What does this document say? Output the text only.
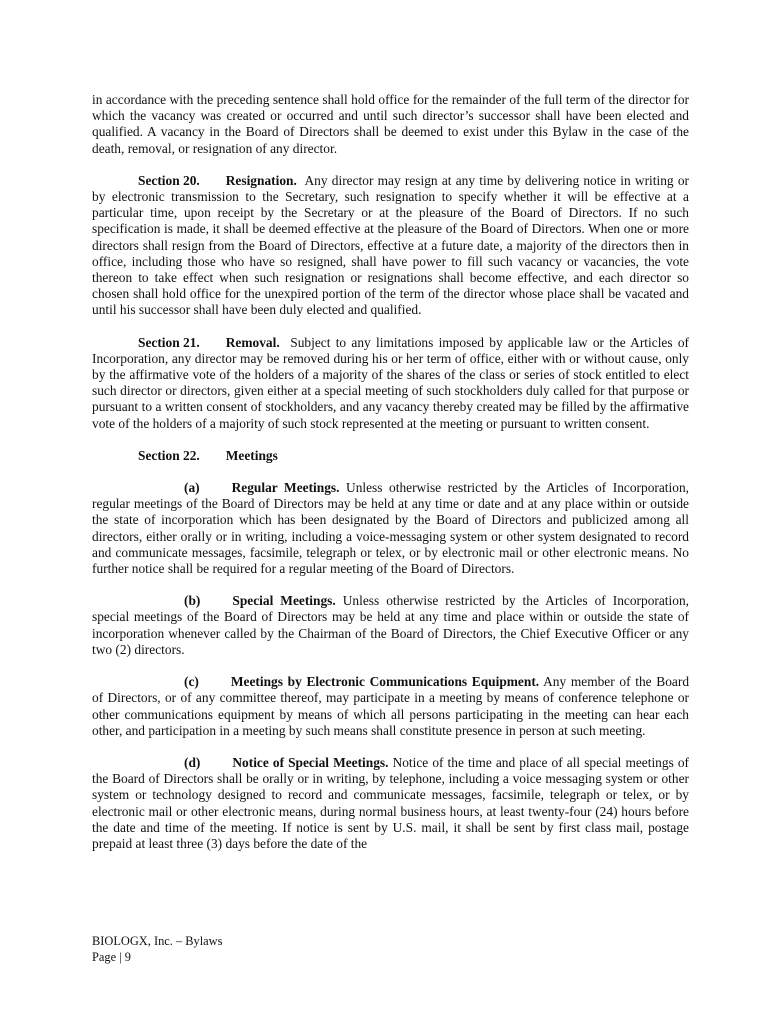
in accordance with the preceding sentence shall hold office for the remainder of the full term of the director for which the vacancy was created or occurred and until such director’s successor shall have been elected and qualified. A vacancy in the Board of Directors shall be deemed to exist under this Bylaw in the case of the death, removal, or resignation of any director.

Section 20. Resignation. Any director may resign at any time by delivering notice in writing or by electronic transmission to the Secretary, such resignation to specify whether it will be effective at a particular time, upon receipt by the Secretary or at the pleasure of the Board of Directors. If no such specification is made, it shall be deemed effective at the pleasure of the Board of Directors. When one or more directors shall resign from the Board of Directors, effective at a future date, a majority of the directors then in office, including those who have so resigned, shall have power to fill such vacancy or vacancies, the vote thereon to take effect when such resignation or resignations shall become effective, and each director so chosen shall hold office for the unexpired portion of the term of the director whose place shall be vacated and until his successor shall have been duly elected and qualified.

Section 21. Removal. Subject to any limitations imposed by applicable law or the Articles of Incorporation, any director may be removed during his or her term of office, either with or without cause, only by the affirmative vote of the holders of a majority of the shares of the class or series of stock entitled to elect such director or directors, given either at a special meeting of such stockholders duly called for that purpose or pursuant to a written consent of stockholders, and any vacancy thereby created may be filled by the affirmative vote of the holders of a majority of such stock represented at the meeting or pursuant to written consent.

Section 22. Meetings

(a) Regular Meetings. Unless otherwise restricted by the Articles of Incorporation, regular meetings of the Board of Directors may be held at any time or date and at any place within or outside the state of incorporation which has been designated by the Board of Directors and publicized among all directors, either orally or in writing, including a voice-messaging system or other system designated to record and communicate messages, facsimile, telegraph or telex, or by electronic mail or other electronic means. No further notice shall be required for a regular meeting of the Board of Directors.

(b) Special Meetings. Unless otherwise restricted by the Articles of Incorporation, special meetings of the Board of Directors may be held at any time and place within or outside the state of incorporation whenever called by the Chairman of the Board of Directors, the Chief Executive Officer or any two (2) directors.

(c) Meetings by Electronic Communications Equipment. Any member of the Board of Directors, or of any committee thereof, may participate in a meeting by means of conference telephone or other communications equipment by means of which all persons participating in the meeting can hear each other, and participation in a meeting by such means shall constitute presence in person at such meeting.

(d) Notice of Special Meetings. Notice of the time and place of all special meetings of the Board of Directors shall be orally or in writing, by telephone, including a voice messaging system or other system or technology designed to record and communicate messages, facsimile, telegraph or telex, or by electronic mail or other electronic means, during normal business hours, at least twenty-four (24) hours before the date and time of the meeting. If notice is sent by U.S. mail, it shall be sent by first class mail, postage prepaid at least three (3) days before the date of the

BIOLOGX, Inc. – Bylaws
Page | 9
